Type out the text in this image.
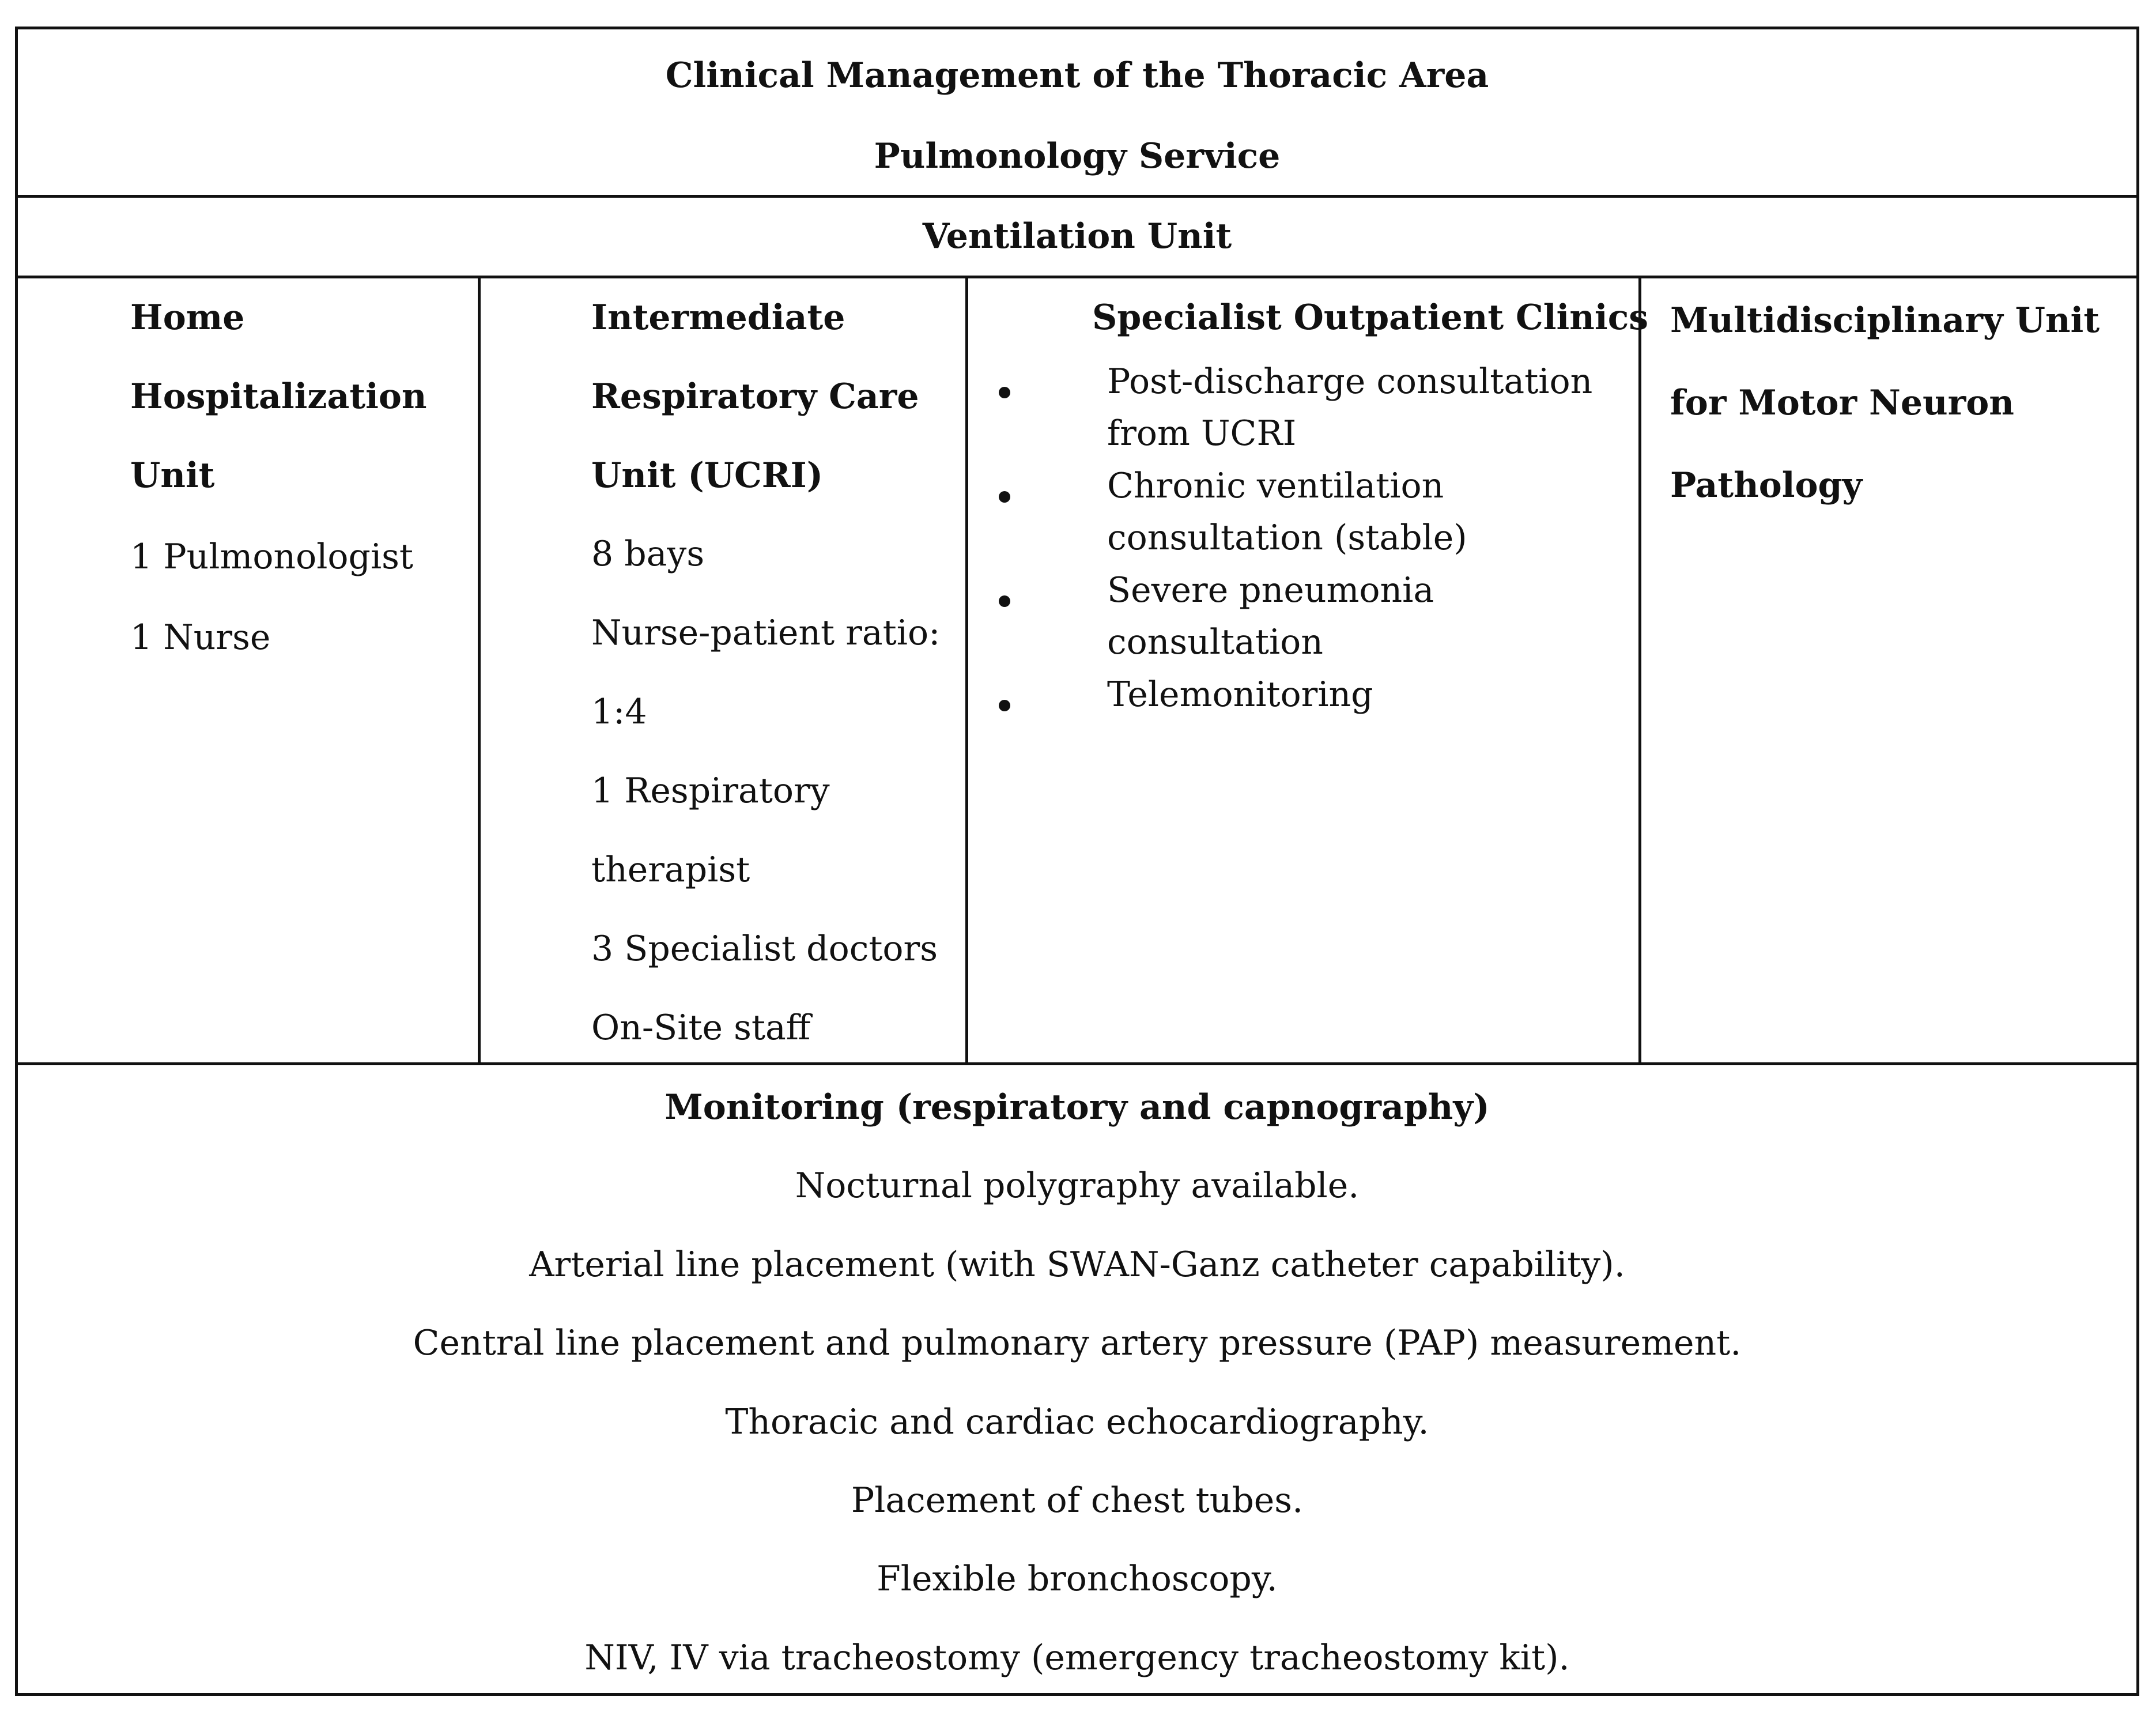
Clinical Management of the Thoracic Area
Pulmonology Service
Ventilation Unit
Home
Hospitalization
Unit
1 Pulmonologist
1 Nurse
Intermediate
Respiratory Care
Unit (UCRI)
8 bays
Nurse-patient ratio:
1:4
1 Respiratory
therapist
3 Specialist doctors
On-Site staff
Specialist Outpatient Clinics
Post-discharge consultation
from UCRI
Chronic ventilation
consultation (stable)
Severe pneumonia
consultation
Telemonitoring
Multidisciplinary Unit
for Motor Neuron
Pathology
Monitoring (respiratory and capnography)
Nocturnal polygraphy available.
Arterial line placement (with SWAN-Ganz catheter capability).
Central line placement and pulmonary artery pressure (PAP) measurement.
Thoracic and cardiac echocardiography.
Placement of chest tubes.
Flexible bronchoscopy.
NIV, IV via tracheostomy (emergency tracheostomy kit).
